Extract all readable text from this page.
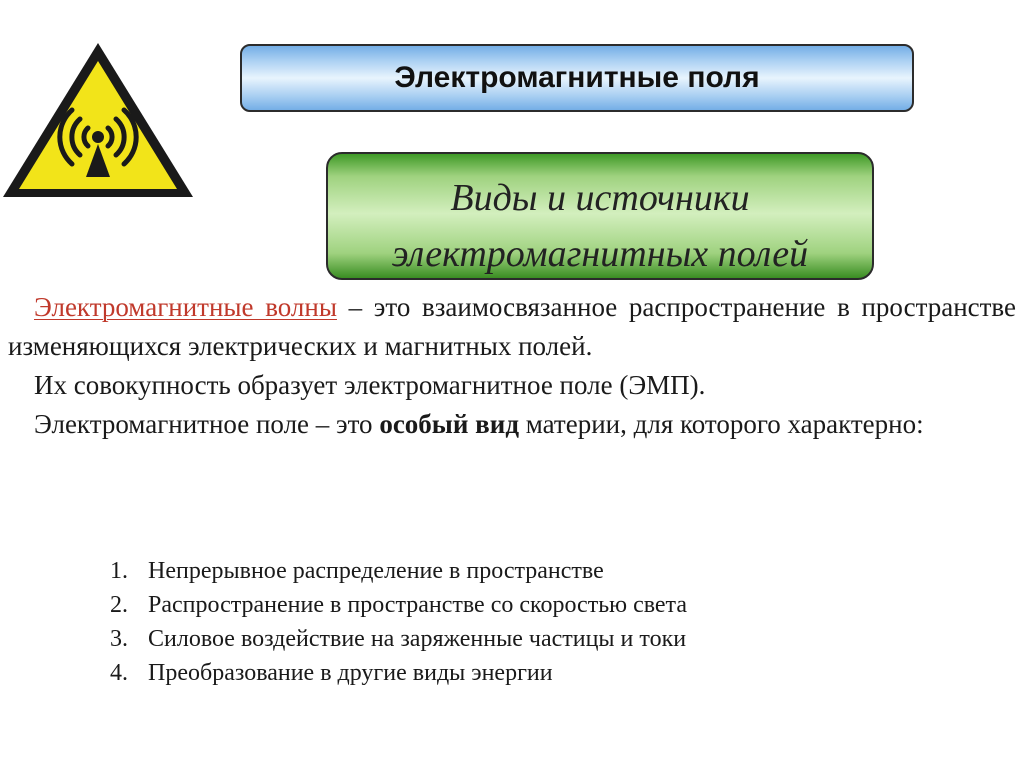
Электромагнитные поля
Виды и источники
электромагнитных полей

Электромагнитные волны – это взаимосвязанное распространение в пространстве изменяющихся электрических и магнитных полей.

Их совокупность образует электромагнитное поле (ЭМП).

Электромагнитное поле – это особый вид материи, для которого характерно:

1. Непрерывное распределение в пространстве
2. Распространение в пространстве со скоростью света
3. Силовое воздействие на заряженные частицы и токи
4. Преобразование в другие виды энергии
